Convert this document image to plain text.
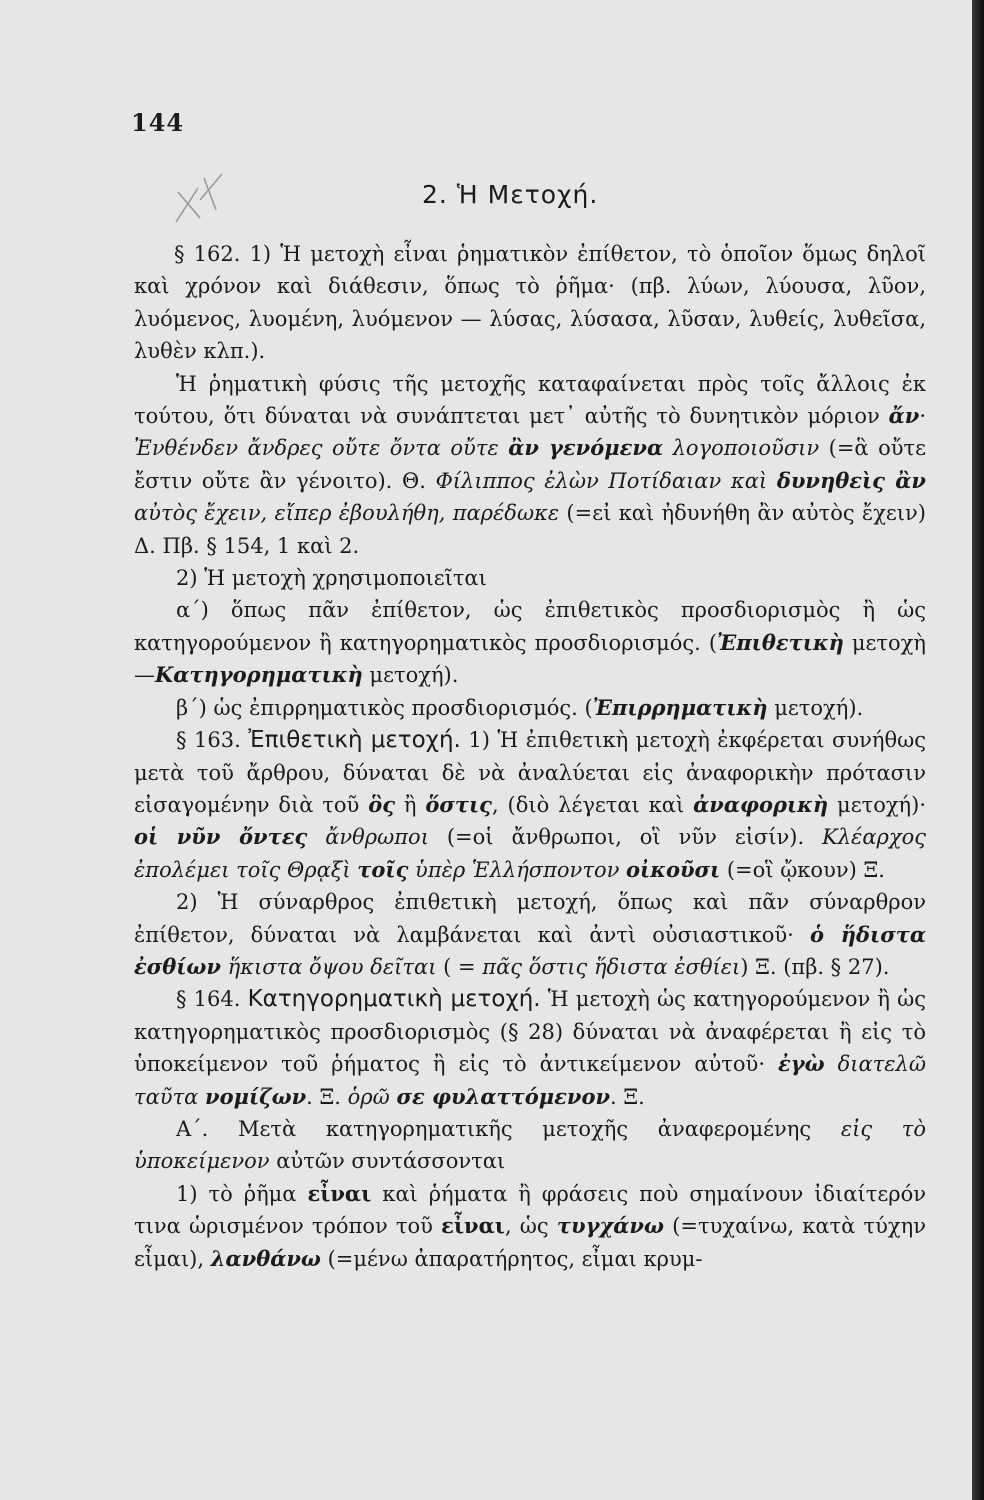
144
2. Ἡ Μετοχή.

§ 162. 1) Ἡ μετοχὴ εἶναι ῥηματικὸν ἐπίθετον, τὸ ὁποῖον ὅμως δηλοῖ καὶ χρόνον καὶ διάθεσιν, ὅπως τὸ ῥῆμα· (πβ. λύων, λύουσα, λῦον, λυόμενος, λυομένη, λυόμενον — λύσας, λύσασα, λῦσαν, λυθείς, λυθεῖσα, λυθὲν κλπ.).

Ἡ ῥηματικὴ φύσις τῆς μετοχῆς καταφαίνεται πρὸς τοῖς ἄλλοις ἐκ τούτου, ὅτι δύναται νὰ συνάπτεται μετ᾽ αὐτῆς τὸ δυνητικὸν μόριον ἄν· Ἐνθένδεν ἄνδρες οὔτε ὄντα οὔτε ἂν γενόμενα λογοποιοῦσιν (=ἃ οὔτε ἔστιν οὔτε ἂν γένοιτο). Θ. Φίλιππος ἐλὼν Ποτίδαιαν καὶ δυνηθεὶς ἂν αὐτὸς ἔχειν, εἴπερ ἐβουλήθη, παρέδωκε (=εἰ καὶ ἠδυνήθη ἂν αὐτὸς ἔχειν) Δ. Πβ. § 154, 1 καὶ 2.

2) Ἡ μετοχὴ χρησιμοποιεῖται

α΄) ὅπως πᾶν ἐπίθετον, ὡς ἐπιθετικὸς προσδιορισμὸς ἢ ὡς κατηγορούμενον ἢ κατηγορηματικὸς προσδιορισμός. (Ἐπιθετικὴ μετοχὴ—Κατηγορηματικὴ μετοχή).

β΄) ὡς ἐπιρρηματικὸς προσδιορισμός. (Ἐπιρρηματικὴ μετοχή).

§ 163. Ἐπιθετικὴ μετοχή. 1) Ἡ ἐπιθετικὴ μετοχὴ ἐκφέρεται συνήθως μετὰ τοῦ ἄρθρου, δύναται δὲ νὰ ἀναλύεται εἰς ἀναφορικὴν πρότασιν εἰσαγομένην διὰ τοῦ ὃς ἢ ὅστις, (διὸ λέγεται καὶ ἀναφορικὴ μετοχή)· οἱ νῦν ὄντες ἄνθρωποι (=οἱ ἄνθρωποι, οἳ νῦν εἰσίν). Κλέαρχος ἐπολέμει τοῖς Θρᾳξὶ τοῖς ὑπὲρ Ἑλλήσποντον οἰκοῦσι (=οἳ ᾤκουν) Ξ.

2) Ἡ σύναρθρος ἐπιθετικὴ μετοχή, ὅπως καὶ πᾶν σύναρθρον ἐπίθετον, δύναται νὰ λαμβάνεται καὶ ἀντὶ οὐσιαστικοῦ· ὁ ἥδιστα ἐσθίων ἥκιστα ὄψου δεῖται ( = πᾶς ὅστις ἥδιστα ἐσθίει) Ξ. (πβ. § 27).

§ 164. Κατηγορηματικὴ μετοχή. Ἡ μετοχὴ ὡς κατηγορούμενον ἢ ὡς κατηγορηματικὸς προσδιορισμὸς (§ 28) δύναται νὰ ἀναφέρεται ἢ εἰς τὸ ὑποκείμενον τοῦ ῥήματος ἢ εἰς τὸ ἀντικείμενον αὐτοῦ· ἐγὼ διατελῶ ταῦτα νομίζων. Ξ. ὁρῶ σε φυλαττόμενον. Ξ.

Α΄. Μετὰ κατηγορηματικῆς μετοχῆς ἀναφερομένης εἰς τὸ ὑποκείμενον αὐτῶν συντάσσονται

1) τὸ ῥῆμα εἶναι καὶ ῥήματα ἢ φράσεις ποὺ σημαίνουν ἰδιαίτερόν τινα ὡρισμένον τρόπον τοῦ εἶναι, ὡς τυγχάνω (=τυχαίνω, κατὰ τύχην εἶμαι), λανθάνω (=μένω ἀπαρατήρητος, εἶμαι κρυμ-
